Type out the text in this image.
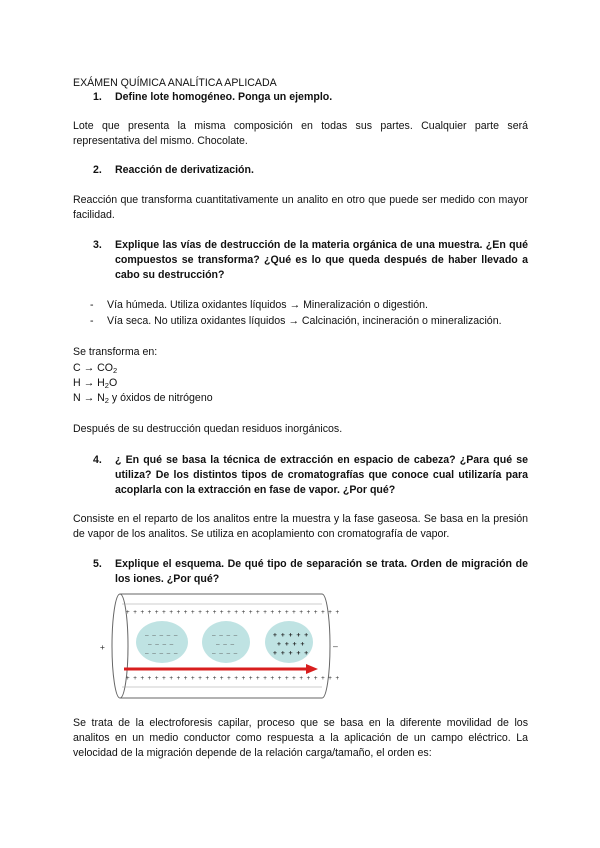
EXÁMEN QUÍMICA ANALÍTICA APLICADA

1.	Define lote homogéneo. Ponga un ejemplo.

Lote que presenta la misma composición en todas sus partes. Cualquier parte será representativa del mismo. Chocolate.

2.	Reacción de derivatización.

Reacción que transforma cuantitativamente un analito en otro que puede ser medido con mayor facilidad.

3.	Explique las vías de destrucción de la materia orgánica de una muestra. ¿En qué compuestos se transforma? ¿Qué es lo que queda después de haber llevado a cabo su destrucción?
- Vía húmeda. Utiliza oxidantes líquidos → Mineralización o digestión.
- Vía seca. No utiliza oxidantes líquidos → Calcinación, incineración o mineralización.

Se transforma en:

$C \to CO_2$

$H \to H_2O$

$N \to N_2$ y óxidos de nitrógeno

Después de su destrucción quedan residuos inorgánicos.

4.	¿ En qué se basa la técnica de extracción en espacio de cabeza? ¿Para qué se utiliza? De los distintos tipos de cromatografías que conoce cual utilizaría para acoplarla con la extracción en fase de vapor. ¿Por qué?

Consiste en el reparto de los analitos entre la muestra y la fase gaseosa. Se basa en la presión de vapor de los analitos. Se utiliza en acoplamiento con cromatografía de vapor.

5.	Explique el esquema. De qué tipo de separación se trata. Orden de migración de los iones. ¿Por qué?
+ + + + + + + + + + + + + + + + + + + + + + + + + + + + + +
+ + + + + + + + + + + + + + + + + + + + + + + + + + + + + +
+	–
– – – – –
– – – –
– – – – –
– – – –
– – –
– – – –
+ + + + +
+ + + +
+ + + + +

Se trata de la electroforesis capilar, proceso que se basa en la diferente movilidad de los analitos en un medio conductor como respuesta a la aplicación de un campo eléctrico. La velocidad de la migración depende de la relación carga/tamaño, el orden es:
